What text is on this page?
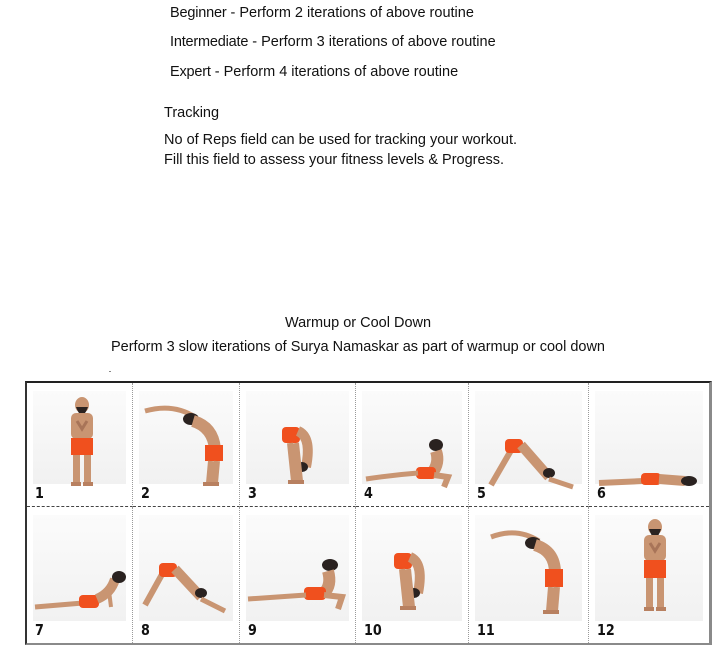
Beginner - Perform 2 iterations of above routine
Intermediate - Perform 3 iterations of above routine
Expert - Perform 4 iterations of above routine
Tracking
No of Reps field can be used for tracking your workout.
Fill this field to assess your fitness levels & Progress.
Warmup or Cool Down
Perform 3 slow iterations of Surya Namaskar as part of warmup or cool down
1	2	3	4	5	6
7	8	9	10	11	12
